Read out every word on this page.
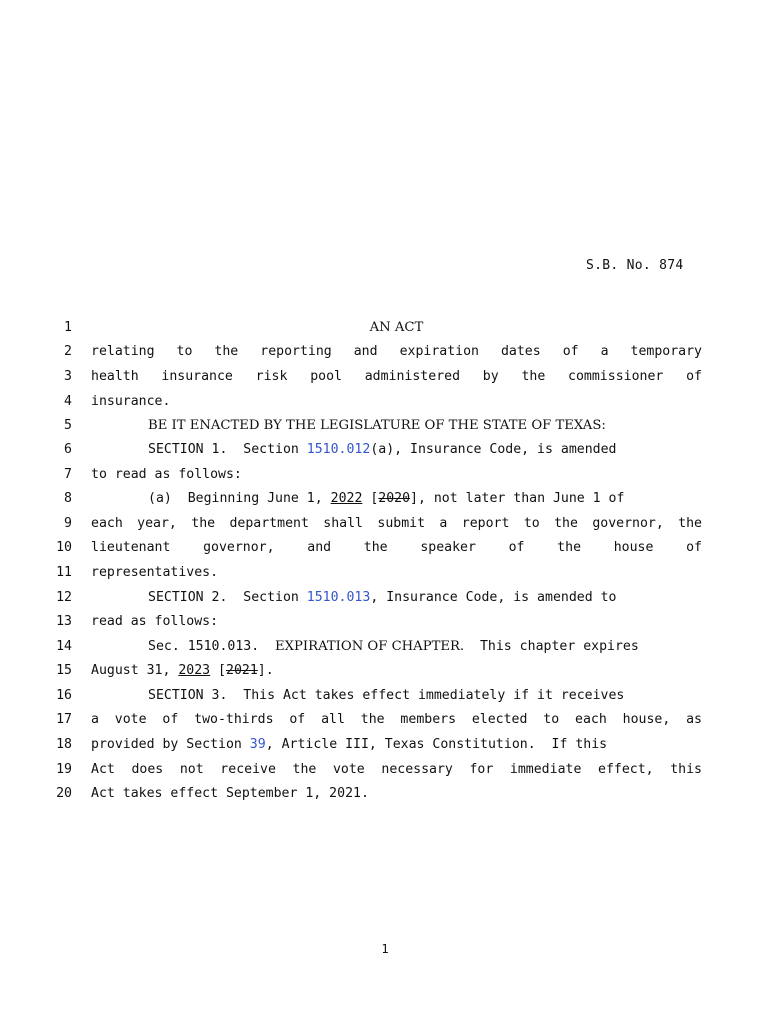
S.B. No. 874
1	AN ACT
2 relating to the reporting and expiration dates of a temporary
3 health insurance risk pool administered by the commissioner of
4 insurance.
5	BE IT ENACTED BY THE LEGISLATURE OF THE STATE OF TEXAS:
6	SECTION 1.  Section 1510.012(a), Insurance Code, is amended
7 to read as follows:
8	(a)  Beginning June 1, 2022 [2020], not later than June 1 of
9 each year, the department shall submit a report to the governor, the
10 lieutenant governor, and the speaker of the house of
11 representatives.
12	SECTION 2.  Section 1510.013, Insurance Code, is amended to
13 read as follows:
14	Sec. 1510.013.  EXPIRATION OF CHAPTER.  This chapter expires
15 August 31, 2023 [2021].
16	SECTION 3.  This Act takes effect immediately if it receives
17 a vote of two-thirds of all the members elected to each house, as
18 provided by Section 39, Article III, Texas Constitution.  If this
19 Act does not receive the vote necessary for immediate effect, this
20 Act takes effect September 1, 2021.
1
